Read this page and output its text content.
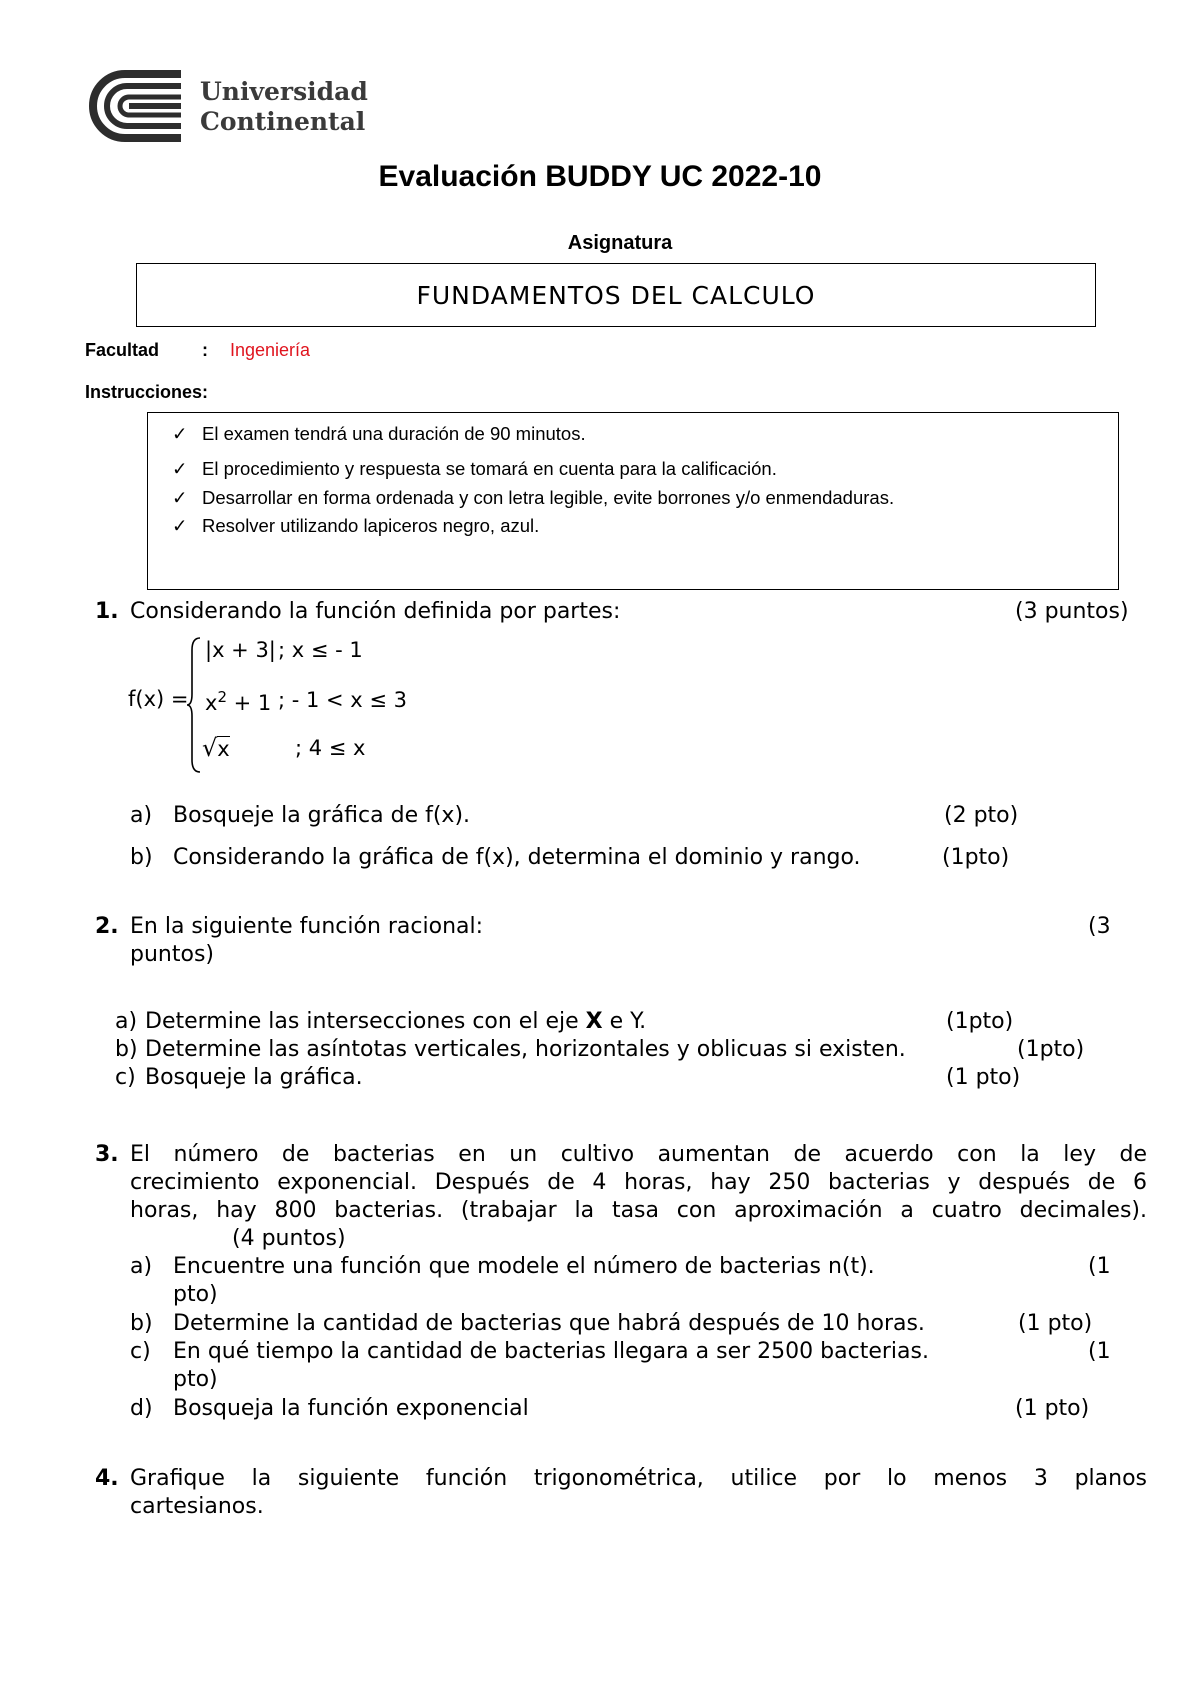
Universidad
Continental
Evaluación BUDDY UC 2022-10
Asignatura
FUNDAMENTOS DEL CALCULO
Facultad : Ingeniería
Instrucciones:
✓ El examen tendrá una duración de 90 minutos.
✓ El procedimiento y respuesta se tomará en cuenta para la calificación.
✓ Desarrollar en forma ordenada y con letra legible, evite borrones y/o enmendaduras.
✓ Resolver utilizando lapiceros negro, azul.
1. Considerando la función definida por partes:	(3 puntos)
f(x) =
|x + 3| ; x ≤ - 1
$x^2 + 1$ ; - 1 < x ≤ 3
√x	; 4 ≤ x
a) Bosqueje la gráfica de f(x).	(2 pto)
b) Considerando la gráfica de f(x), determina el dominio y rango.	(1pto)
2. En la siguiente función racional:	(3
puntos)
a) Determine las intersecciones con el eje X e Y.	(1pto)
b) Determine las asíntotas verticales, horizontales y oblicuas si existen.	(1pto)
c) Bosqueje la gráfica.	(1 pto)
3. El número de bacterias en un cultivo aumentan de acuerdo con la ley de
crecimiento exponencial. Después de 4 horas, hay 250 bacterias y después de 6
horas, hay 800 bacterias. (trabajar la tasa con aproximación a cuatro decimales).
(4 puntos)
a) Encuentre una función que modele el número de bacterias n(t).	(1
pto)
b) Determine la cantidad de bacterias que habrá después de 10 horas.	(1 pto)
c) En qué tiempo la cantidad de bacterias llegara a ser 2500 bacterias.	(1
pto)
d) Bosqueja la función exponencial	(1 pto)
4. Grafique la siguiente función trigonométrica, utilice por lo menos 3 planos
cartesianos.
